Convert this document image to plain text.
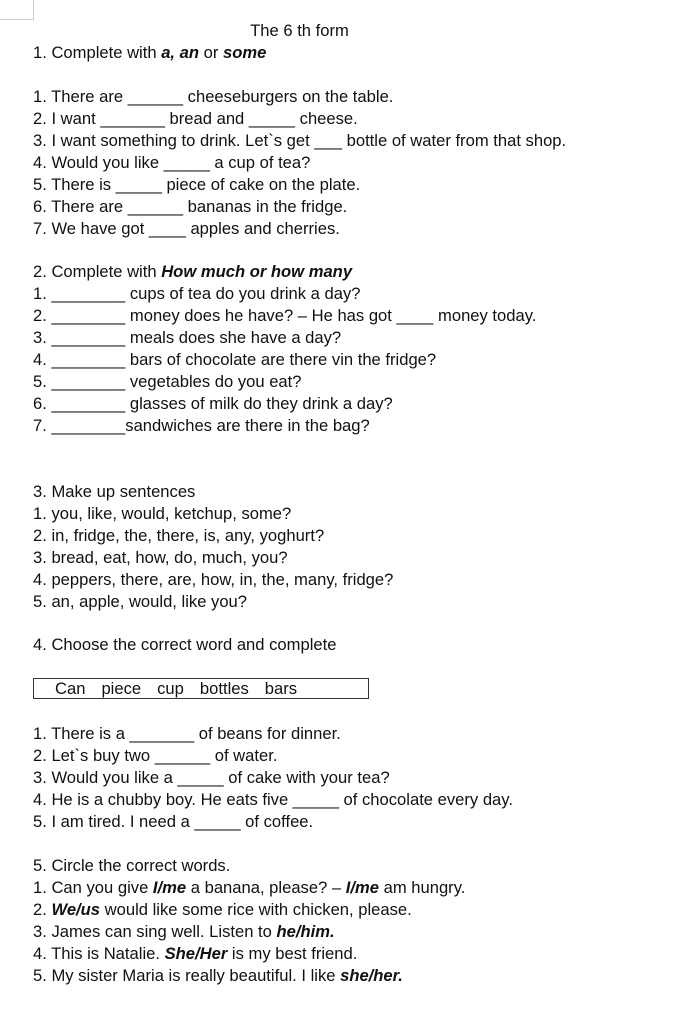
The 6 th form
1. Complete with a, an or some
1. There are ______ cheeseburgers on the table.
2. I want _______ bread and _____ cheese.
3. I want something to drink. Let`s get ___ bottle of water from that shop.
4. Would you like _____ a cup of tea?
5. There is _____ piece of cake on the plate.
6. There are ______ bananas in the fridge.
7. We have got ____ apples and cherries.
2. Complete with How much or how many
1. ________ cups of tea do you drink a day?
2. ________ money does he have? – He has got ____ money today.
3. ________ meals does she have a day?
4. ________ bars of chocolate are there vin the fridge?
5. ________ vegetables do you eat?
6. ________ glasses of milk do they drink a day?
7. ________sandwiches are there in the bag?
3. Make up sentences
1. you, like, would, ketchup, some?
2. in, fridge, the, there, is, any, yoghurt?
3. bread, eat, how, do, much, you?
4. peppers, there, are, how, in, the, many, fridge?
5. an, apple, would, like you?
4. Choose the correct word and complete
Can piece cup bottles bars
1. There is a _______ of beans for dinner.
2. Let`s buy two ______ of water.
3. Would you like a _____ of cake with your tea?
4. He is a chubby boy. He eats five _____ of chocolate every day.
5. I am tired. I need a _____ of coffee.
5. Circle the correct words.
1. Can you give I/me a banana, please? – I/me am hungry.
2. We/us would like some rice with chicken, please.
3. James can sing well. Listen to he/him.
4. This is Natalie. She/Her is my best friend.
5. My sister Maria is really beautiful. I like she/her.
